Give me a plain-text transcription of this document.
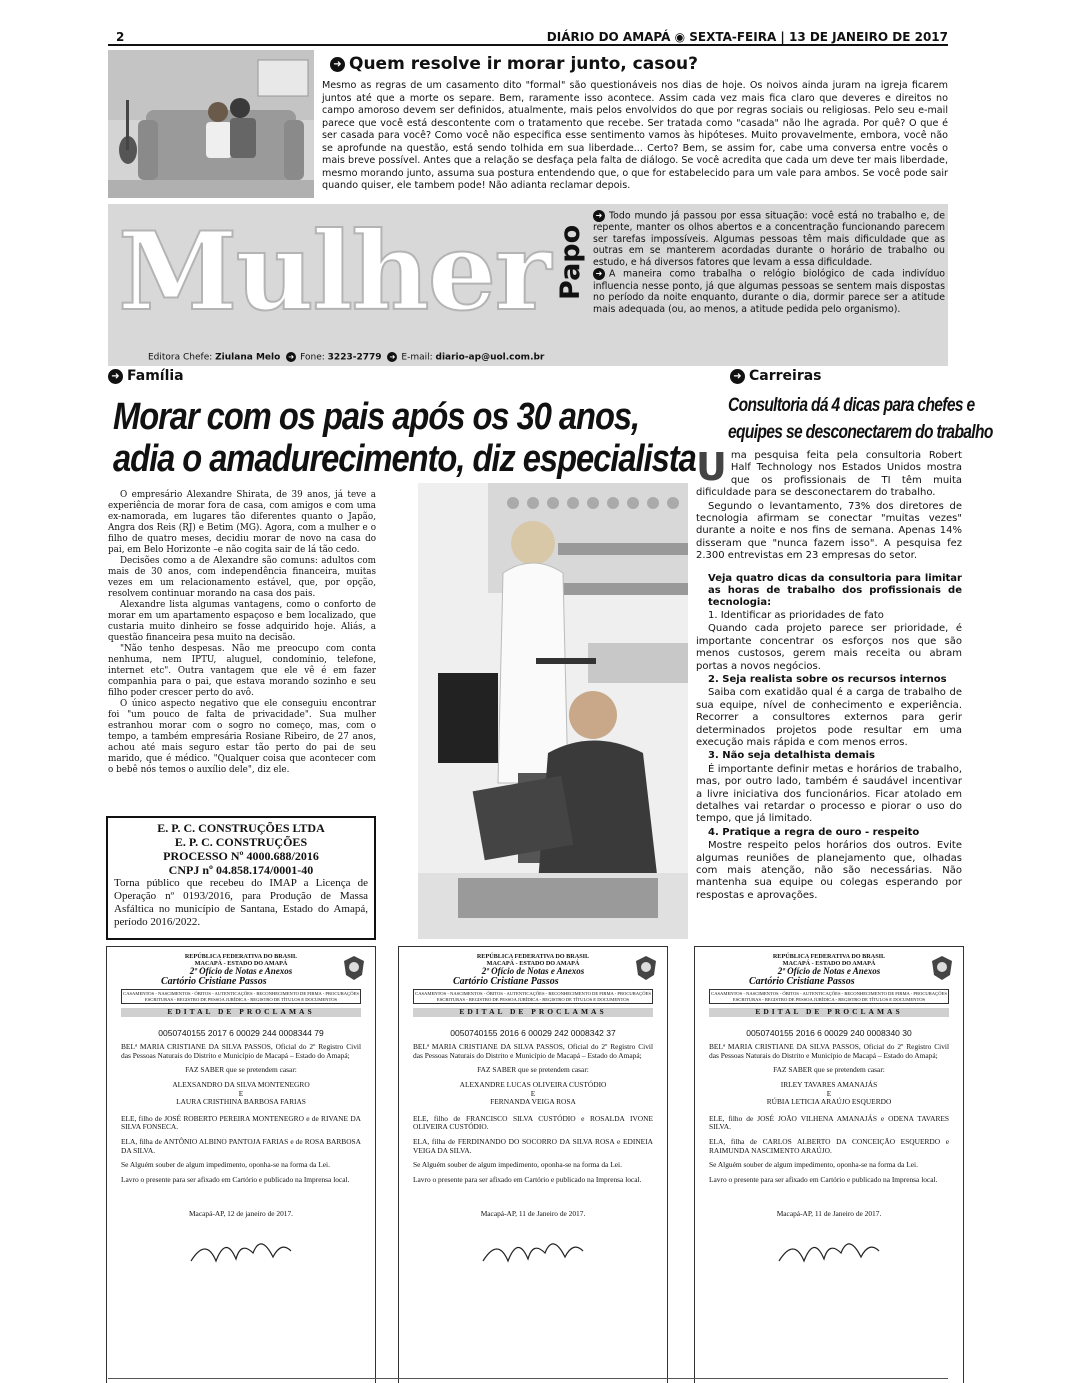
2	DIÁRIO DO AMAPÁ ◉ SEXTA-FEIRA | 13 DE JANEIRO DE 2017
➜ Quem resolve ir morar junto, casou?
Mesmo as regras de um casamento dito "formal" são questionáveis nos dias de hoje. Os noivos ainda juram na igreja ficarem juntos até que a morte os separe. Bem, raramente isso acontece. Assim cada vez mais fica claro que deveres e direitos no campo amoroso devem ser definidos, atualmente, mais pelos envolvidos do que por regras sociais ou religiosas. Pelo seu e-mail parece que você está descontente com o tratamento que recebe. Ser tratada como "casada" não lhe agrada. Por quê? O que é ser casada para você? Como você não especifica esse sentimento vamos às hipóteses. Muito provavelmente, embora, você não se aprofunde na questão, está sendo tolhida em sua liberdade... Certo? Bem, se assim for, cabe uma conversa entre vocês o mais breve possível. Antes que a relação se desfaça pela falta de diálogo. Se você acredita que cada um deve ter mais liberdade, mesmo morando junto, assuma sua postura entendendo que, o que for estabelecido para um vale para ambos. Se você pode sair quando quiser, ele tambem pode! Não adianta reclamar depois.
Mulher
Editora Chefe: Ziulana Melo ➜ Fone: 3223-2779 ➜ E-mail: diario-ap@uol.com.br
Papo

➜ Todo mundo já passou por essa situação: você está no trabalho e, de repente, manter os olhos abertos e a concentração funcionando parecem ser tarefas impossíveis. Algumas pessoas têm mais dificuldade que as outras em se manterem acordadas durante o horário de trabalho ou estudo, e há diversos fatores que levam a essa dificuldade.

➜ A maneira como trabalha o relógio biológico de cada indivíduo influencia nesse ponto, já que algumas pessoas se sentem mais dispostas no período da noite enquanto, durante o dia, dormir parece ser a atitude mais adequada (ou, ao menos, a atitude pedida pelo organismo).

➜ Família
Morar com os pais após os 30 anos,
adia o amadurecimento, diz especialista

O empresário Alexandre Shirata, de 39 anos, já teve a experiência de morar fora de casa, com amigos e com uma ex-namorada, em lugares tão diferentes quanto o Japão, Angra dos Reis (RJ) e Betim (MG). Agora, com a mulher e o filho de quatro meses, decidiu morar de novo na casa do pai, em Belo Horizonte –e não cogita sair de lá tão cedo.

Decisões como a de Alexandre são comuns: adultos com mais de 30 anos, com independência financeira, muitas vezes em um relacionamento estável, que, por opção, resolvem continuar morando na casa dos pais.

Alexandre lista algumas vantagens, como o conforto de morar em um apartamento espaçoso e bem localizado, que custaria muito dinheiro se fosse adquirido hoje. Aliás, a questão financeira pesa muito na decisão.

"Não tenho despesas. Não me preocupo com conta nenhuma, nem IPTU, aluguel, condomínio, telefone, internet etc". Outra vantagem que ele vê é em fazer companhia para o pai, que estava morando sozinho e seu filho poder crescer perto do avô.

O único aspecto negativo que ele conseguiu encontrar foi "um pouco de falta de privacidade". Sua mulher estranhou morar com o sogro no começo, mas, com o tempo, a também empresária Rosiane Ribeiro, de 27 anos, achou até mais seguro estar tão perto do pai de seu marido, que é médico. "Qualquer coisa que acontecer com o bebê nós temos o auxílio dele", diz ele.

E. P. C. CONSTRUÇÕES LTDA
E. P. C. CONSTRUÇÕES
PROCESSO Nº 4000.688/2016
CNPJ nº 04.858.174/0001-40
Torna público que recebeu do IMAP a Licença de Operação nº 0193/2016, para Produção de Massa Asfáltica no município de Santana, Estado do Amapá, período 2016/2022.
➜ Carreiras
Consultoria dá 4 dicas para chefes e
equipes se desconectarem do trabalho

Uma pesquisa feita pela consultoria Robert Half Technology nos Estados Unidos mostra que os profissionais de TI têm muita dificuldade para se desconectarem do trabalho.

Segundo o levantamento, 73% dos diretores de tecnologia afirmam se conectar "muitas vezes" durante a noite e nos fins de semana. Apenas 14% disseram que "nunca fazem isso". A pesquisa fez 2.300 entrevistas em 23 empresas do setor.

Veja quatro dicas da consultoria para limitar as horas de trabalho dos profissionais de tecnologia:

1. Identificar as prioridades de fato

Quando cada projeto parece ser prioridade, é importante concentrar os esforços nos que são menos custosos, gerem mais receita ou abram portas a novos negócios.

2. Seja realista sobre os recursos internos

Saiba com exatidão qual é a carga de trabalho de sua equipe, nível de conhecimento e experiência. Recorrer a consultores externos para gerir determinados projetos pode resultar em uma execução mais rápida e com menos erros.

3. Não seja detalhista demais

É importante definir metas e horários de trabalho, mas, por outro lado, também é saudável incentivar a livre iniciativa dos funcionários. Ficar atolado em detalhes vai retardar o processo e piorar o uso do tempo, que já limitado.

4. Pratique a regra de ouro - respeito

Mostre respeito pelos horários dos outros. Evite algumas reuniões de planejamento que, olhadas com mais atenção, não são necessárias. Não mantenha sua equipe ou colegas esperando por respostas e aprovações.

REPÚBLICA FEDERATIVA DO BRASIL
MACAPÁ - ESTADO DO AMAPÁ
2º Ofício de Notas e Anexos
Cartório Cristiane Passos
CASAMENTOS - NASCIMENTOS - ÓBITOS - AUTENTICAÇÕES - RECONHECIMENTO DE FIRMA - PROCURAÇÕES ESCRITURAS - REGISTRO DE PESSOA JURÍDICA - REGISTRO DE TÍTULOS E DOCUMENTOS
EDITAL DE PROCLAMAS
0050740155 2017 6 00029 244 0008344 79

BELª MARIA CRISTIANE DA SILVA PASSOS, Oficial do 2º Registro Civil das Pessoas Naturais do Distrito e Município de Macapá – Estado do Amapá;

FAZ SABER que se pretendem casar:

ALEXSANDRO DA SILVA MONTENEGRO
E
LAURA CRISTHINA BARBOSA FARIAS

ELE, filho de JOSÉ ROBERTO PEREIRA MONTENEGRO e de RIVANE DA SILVA FONSECA.

ELA, filha de ANTÔNIO ALBINO PANTOJA FARIAS e de ROSA BARBOSA DA SILVA.

Se Alguém souber de algum impedimento, oponha-se na forma da Lei.

Lavro o presente para ser afixado em Cartório e publicado na Imprensa local.

Macapá-AP, 12 de janeiro de 2017.
REPÚBLICA FEDERATIVA DO BRASIL
MACAPÁ - ESTADO DO AMAPÁ
2º Ofício de Notas e Anexos
Cartório Cristiane Passos
CASAMENTOS - NASCIMENTOS - ÓBITOS - AUTENTICAÇÕES - RECONHECIMENTO DE FIRMA - PROCURAÇÕES ESCRITURAS - REGISTRO DE PESSOA JURÍDICA - REGISTRO DE TÍTULOS E DOCUMENTOS
EDITAL DE PROCLAMAS
0050740155 2016 6 00029 242 0008342 37

BELª MARIA CRISTIANE DA SILVA PASSOS, Oficial do 2º Registro Civil das Pessoas Naturais do Distrito e Município de Macapá – Estado do Amapá;

FAZ SABER que se pretendem casar:

ALEXANDRE LUCAS OLIVEIRA CUSTÓDIO
E
FERNANDA VEIGA ROSA

ELE, filho de FRANCISCO SILVA CUSTÓDIO e ROSALDA IVONE OLIVEIRA CUSTÓDIO.

ELA, filha de FERDINANDO DO SOCORRO DA SILVA ROSA e EDINEIA VEIGA DA SILVA.

Se Alguém souber de algum impedimento, oponha-se na forma da Lei.

Lavro o presente para ser afixado em Cartório e publicado na Imprensa local.

Macapá-AP, 11 de Janeiro de 2017.
REPÚBLICA FEDERATIVA DO BRASIL
MACAPÁ - ESTADO DO AMAPÁ
2º Ofício de Notas e Anexos
Cartório Cristiane Passos
CASAMENTOS - NASCIMENTOS - ÓBITOS - AUTENTICAÇÕES - RECONHECIMENTO DE FIRMA - PROCURAÇÕES ESCRITURAS - REGISTRO DE PESSOA JURÍDICA - REGISTRO DE TÍTULOS E DOCUMENTOS
EDITAL DE PROCLAMAS
0050740155 2016 6 00029 240 0008340 30

BELª MARIA CRISTIANE DA SILVA PASSOS, Oficial do 2º Registro Civil das Pessoas Naturais do Distrito e Município de Macapá – Estado do Amapá;

FAZ SABER que se pretendem casar:

IRLEY TAVARES AMANAJÁS
E
RÚBIA LETICIA ARAÚJO ESQUERDO

ELE, filho de JOSÉ JOÃO VILHENA AMANAJÁS e ODENA TAVARES SILVA.

ELA, filha de CARLOS ALBERTO DA CONCEIÇÃO ESQUERDO e RAIMUNDA NASCIMENTO ARAÚJO.

Se Alguém souber de algum impedimento, oponha-se na forma da Lei.

Lavro o presente para ser afixado em Cartório e publicado na Imprensa local.

Macapá-AP, 11 de Janeiro de 2017.
